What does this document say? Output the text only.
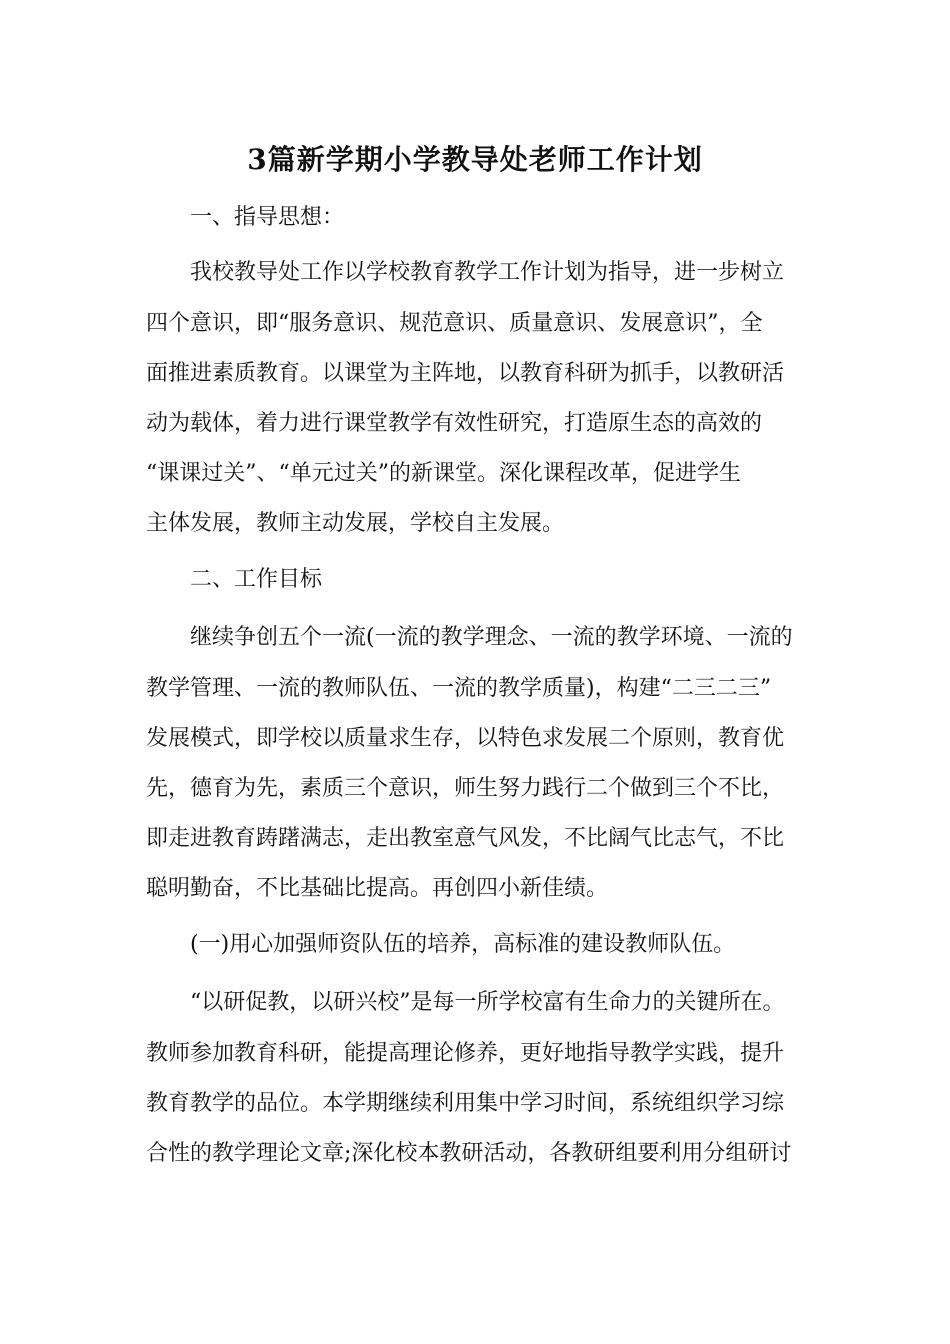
3篇新学期小学教导处老师工作计划
一、指导思想：
我校教导处工作以学校教育教学工作计划为指导，进一步树立
四个意识，即“服务意识、规范意识、质量意识、发展意识”，全
面推进素质教育。以课堂为主阵地，以教育科研为抓手，以教研活
动为载体，着力进行课堂教学有效性研究，打造原生态的高效的
“课课过关”、“单元过关”的新课堂。深化课程改革，促进学生
主体发展，教师主动发展，学校自主发展。
二、工作目标
继续争创五个一流(一流的教学理念、一流的教学环境、一流的
教学管理、一流的教师队伍、一流的教学质量)，构建“二三二三”
发展模式，即学校以质量求生存，以特色求发展二个原则，教育优
先，德育为先，素质三个意识，师生努力践行二个做到三个不比，
即走进教育踌躇满志，走出教室意气风发，不比阔气比志气，不比
聪明勤奋，不比基础比提高。再创四小新佳绩。
(一)用心加强师资队伍的培养，高标准的建设教师队伍。
“以研促教，以研兴校”是每一所学校富有生命力的关键所在。
教师参加教育科研，能提高理论修养，更好地指导教学实践，提升
教育教学的品位。本学期继续利用集中学习时间，系统组织学习综
合性的教学理论文章;深化校本教研活动，各教研组要利用分组研讨
